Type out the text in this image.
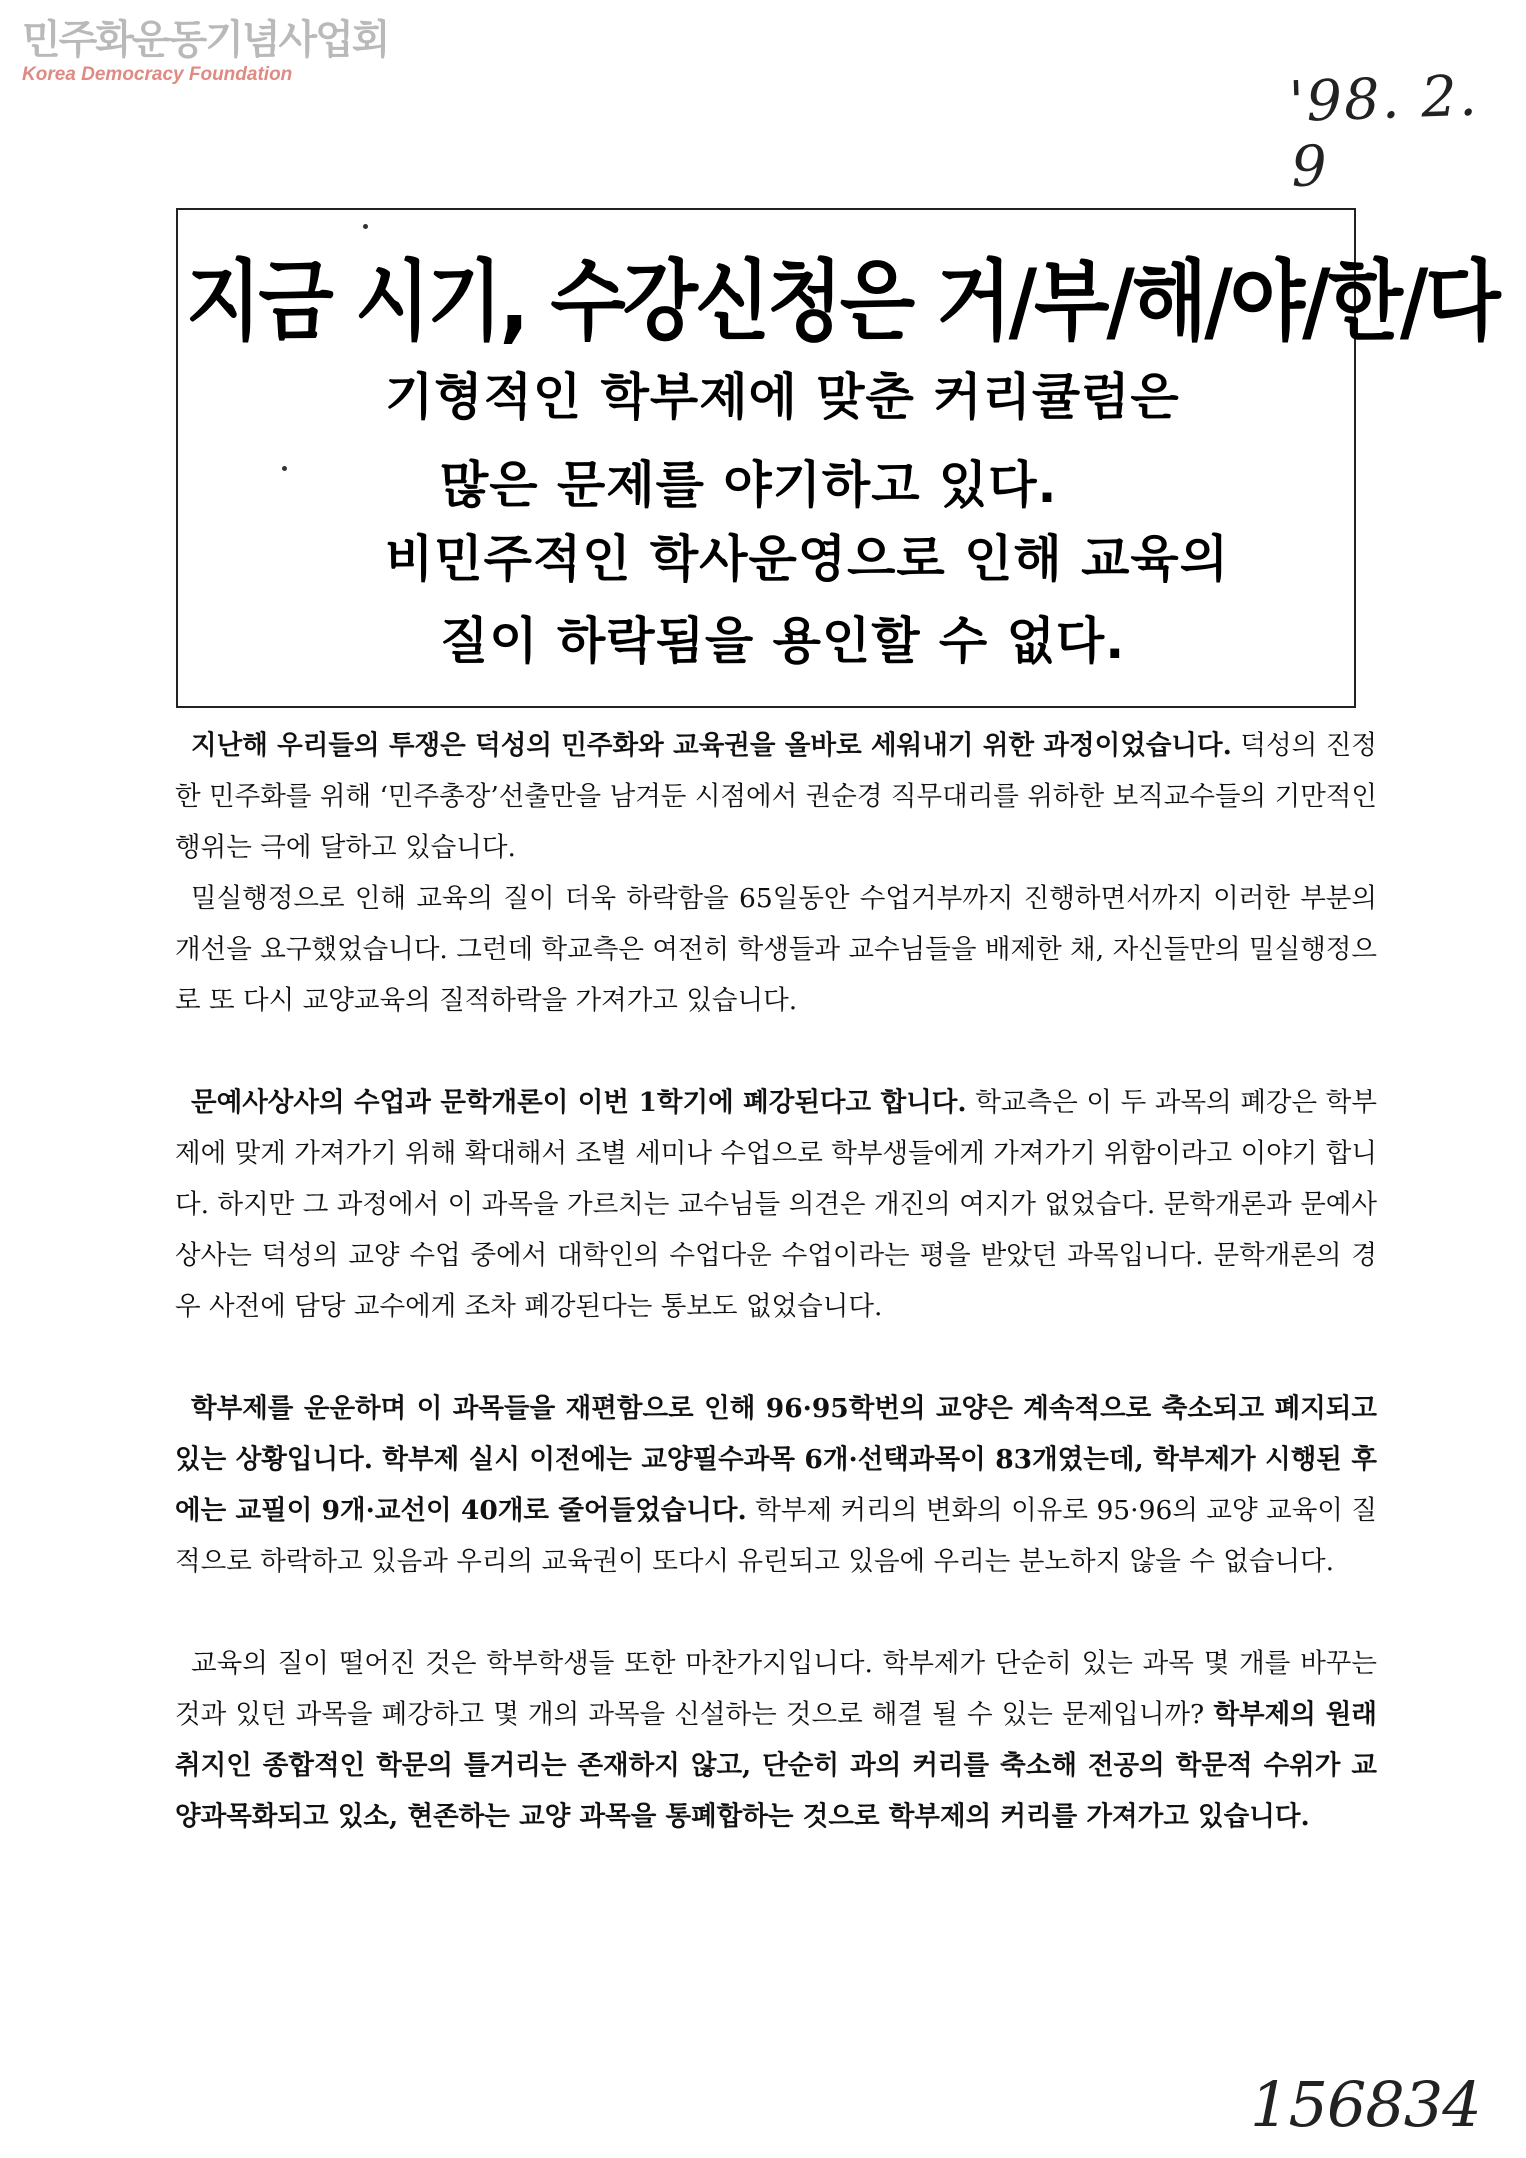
민주화운동기념사업회
Korea Democracy Foundation	'98. 2. 9
지금 시기, 수강신청은 거/부/해/야/한/다
기형적인 학부제에 맞춘 커리큘럼은
많은 문제를 야기하고 있다.
비민주적인 학사운영으로 인해 교육의
질이 하락됨을 용인할 수 없다.

지난해 우리들의 투쟁은 덕성의 민주화와 교육권을 올바로 세워내기 위한 과정이었습니다. 덕성의 진정한 민주화를 위해 ‘민주총장’선출만을 남겨둔 시점에서 권순경 직무대리를 위하한 보직교수들의 기만적인 행위는 극에 달하고 있습니다.

밀실행정으로 인해 교육의 질이 더욱 하락함을 65일동안 수업거부까지 진행하면서까지 이러한 부분의 개선을 요구했었습니다. 그런데 학교측은 여전히 학생들과 교수님들을 배제한 채, 자신들만의 밀실행정으로 또 다시 교양교육의 질적하락을 가져가고 있습니다.

문예사상사의 수업과 문학개론이 이번 1학기에 폐강된다고 합니다. 학교측은 이 두 과목의 폐강은 학부제에 맞게 가져가기 위해 확대해서 조별 세미나 수업으로 학부생들에게 가져가기 위함이라고 이야기 합니다. 하지만 그 과정에서 이 과목을 가르치는 교수님들 의견은 개진의 여지가 없었습다. 문학개론과 문예사상사는 덕성의 교양 수업 중에서 대학인의 수업다운 수업이라는 평을 받았던 과목입니다. 문학개론의 경우 사전에 담당 교수에게 조차 폐강된다는 통보도 없었습니다.

학부제를 운운하며 이 과목들을 재편함으로 인해 96·95학번의 교양은 계속적으로 축소되고 폐지되고 있는 상황입니다. 학부제 실시 이전에는 교양필수과목 6개·선택과목이 83개였는데, 학부제가 시행된 후에는 교필이 9개·교선이 40개로 줄어들었습니다. 학부제 커리의 변화의 이유로 95·96의 교양 교육이 질적으로 하락하고 있음과 우리의 교육권이 또다시 유린되고 있음에 우리는 분노하지 않을 수 없습니다.

교육의 질이 떨어진 것은 학부학생들 또한 마찬가지입니다. 학부제가 단순히 있는 과목 몇 개를 바꾸는 것과 있던 과목을 폐강하고 몇 개의 과목을 신설하는 것으로 해결 될 수 있는 문제입니까? 학부제의 원래 취지인 종합적인 학문의 틀거리는 존재하지 않고, 단순히 과의 커리를 축소해 전공의 학문적 수위가 교양과목화되고 있소, 현존하는 교양 과목을 통폐합하는 것으로 학부제의 커리를 가져가고 있습니다.

156834
